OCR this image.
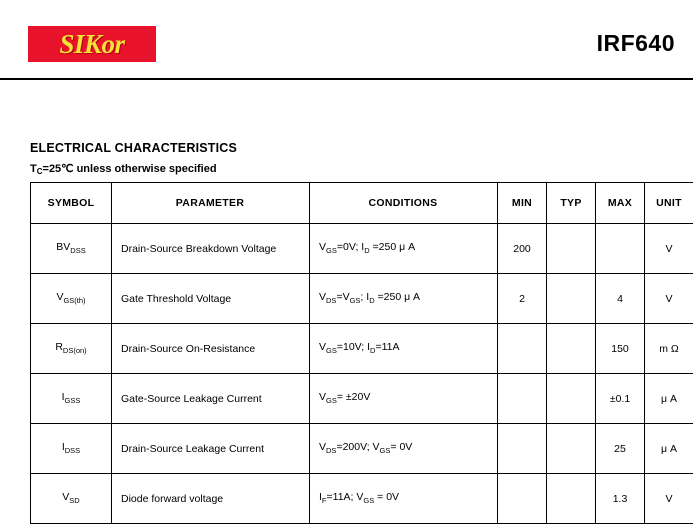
SIKor	IRF640
ELECTRICAL CHARACTERISTICS
$T_C=25℃$ unless otherwise specified
SYMBOL	PARAMETER	CONDITIONS	MIN	TYP	MAX	UNIT
$BV_{DSS}$	Drain-Source Breakdown Voltage	$V_{GS}=0V$; $I_D =250$ μ A	200			V
$V_{GS(th)}$	Gate Threshold Voltage	$V_{DS}=V_{GS}$; $I_D =250$ μ A	2		4	V
$R_{DS(on)}$	Drain-Source On-Resistance	$V_{GS}=10V$; $I_D=11A$			150	m Ω
$I_{GSS}$	Gate-Source Leakage Current	$V_{GS}= \pm 20V$			±0.1	μ A
$I_{DSS}$	Drain-Source Leakage Current	$V_{DS}=200V$; $V_{GS}= 0V$			25	μ A
$V_{SD}$	Diode forward voltage	$I_F=11A$; $V_{GS} = 0V$			1.3	V
